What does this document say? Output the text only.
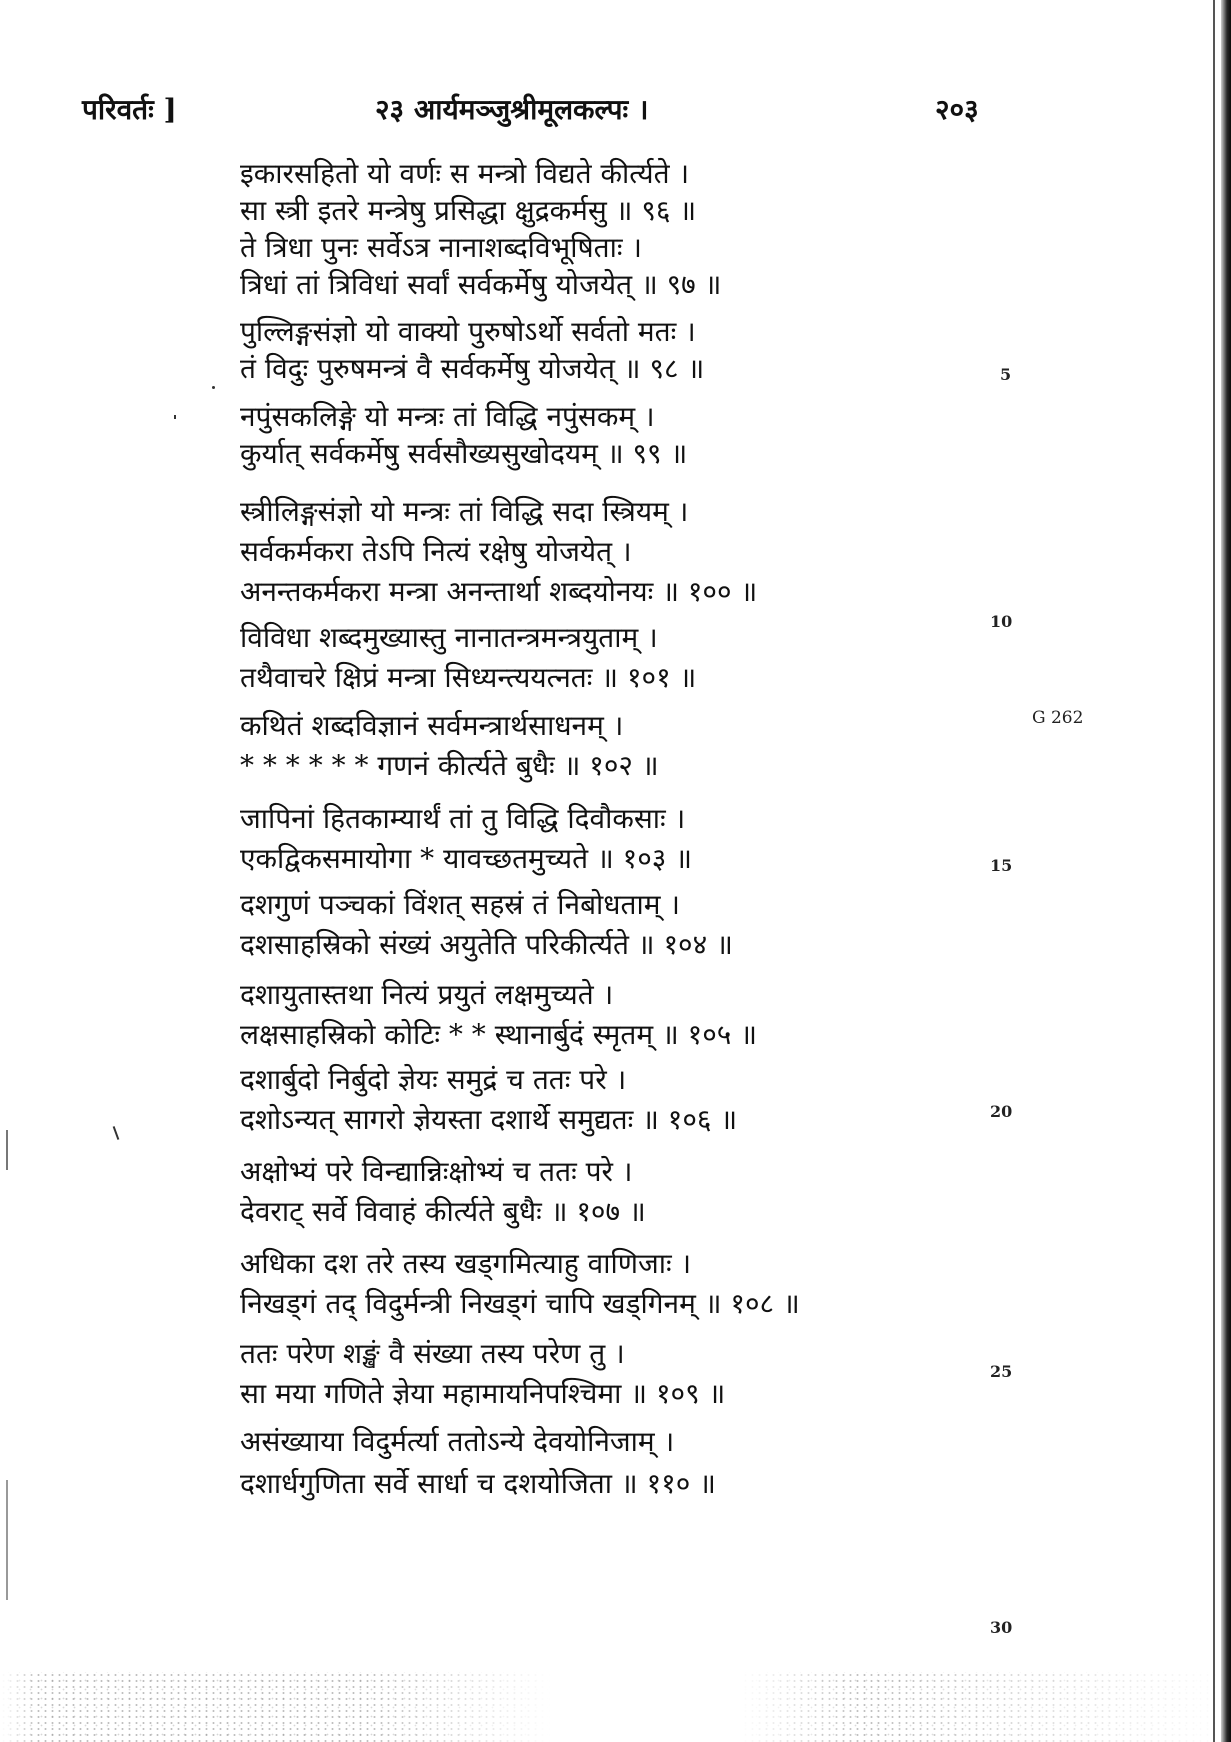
परिवर्तः ]	२३ आर्यमञ्जुश्रीमूलकल्पः ।	२०३
इकारसहितो यो वर्णः स मन्त्रो विद्यते कीर्त्यते ।
सा स्त्री इतरे मन्त्रेषु प्रसिद्धा क्षुद्रकर्मसु ॥ ९६ ॥
ते त्रिधा पुनः सर्वेऽत्र नानाशब्दविभूषिताः ।
त्रिधां तां त्रिविधां सर्वां सर्वकर्मेषु योजयेत् ॥ ९७ ॥
पुल्लिङ्गसंज्ञो यो वाक्यो पुरुषोऽर्थो सर्वतो मतः ।
तं विदुः पुरुषमन्त्रं वै सर्वकर्मेषु योजयेत् ॥ ९८ ॥
नपुंसकलिङ्गे यो मन्त्रः तां विद्धि नपुंसकम् ।
कुर्यात् सर्वकर्मेषु सर्वसौख्यसुखोदयम् ॥ ९९ ॥
स्त्रीलिङ्गसंज्ञो यो मन्त्रः तां विद्धि सदा स्त्रियम् ।
सर्वकर्मकरा तेऽपि नित्यं रक्षेषु योजयेत् ।
अनन्तकर्मकरा मन्त्रा अनन्तार्था शब्दयोनयः ॥ १०० ॥
विविधा शब्दमुख्यास्तु नानातन्त्रमन्त्रयुताम् ।
तथैवाचरे क्षिप्रं मन्त्रा सिध्यन्त्ययत्नतः ॥ १०१ ॥
कथितं शब्दविज्ञानं सर्वमन्त्रार्थसाधनम् ।
* * * * * * गणनं कीर्त्यते बुधैः ॥ १०२ ॥
जापिनां हितकाम्यार्थं तां तु विद्धि दिवौकसाः ।
एकद्विकसमायोगा * यावच्छतमुच्यते ॥ १०३ ॥
दशगुणं पञ्चकां विंशत् सहस्रं तं निबोधताम् ।
दशसाहस्रिको संख्यं अयुतेति परिकीर्त्यते ॥ १०४ ॥
दशायुतास्तथा नित्यं प्रयुतं लक्षमुच्यते ।
लक्षसाहस्रिको कोटिः * * स्थानार्बुदं स्मृतम् ॥ १०५ ॥
दशार्बुदो निर्बुदो ज्ञेयः समुद्रं च ततः परे ।
दशोऽन्यत् सागरो ज्ञेयस्ता दशार्थे समुद्यतः ॥ १०६ ॥
अक्षोभ्यं परे विन्द्यान्निःक्षोभ्यं च ततः परे ।
देवराट् सर्वे विवाहं कीर्त्यते बुधैः ॥ १०७ ॥
अधिका दश तरे तस्य खड्गमित्याहु वाणिजाः ।
निखड्गं तद् विदुर्मन्त्री निखड्गं चापि खड्गिनम् ॥ १०८ ॥
ततः परेण शङ्खं वै संख्या तस्य परेण तु ।
सा मया गणिते ज्ञेया महामायनिपश्चिमा ॥ १०९ ॥
असंख्याया विदुर्मर्त्या ततोऽन्ये देवयोनिजाम् ।
दशार्धगुणिता सर्वे सार्धा च दशयोजिता ॥ ११० ॥
5
10
15
20
25
30
G 262
